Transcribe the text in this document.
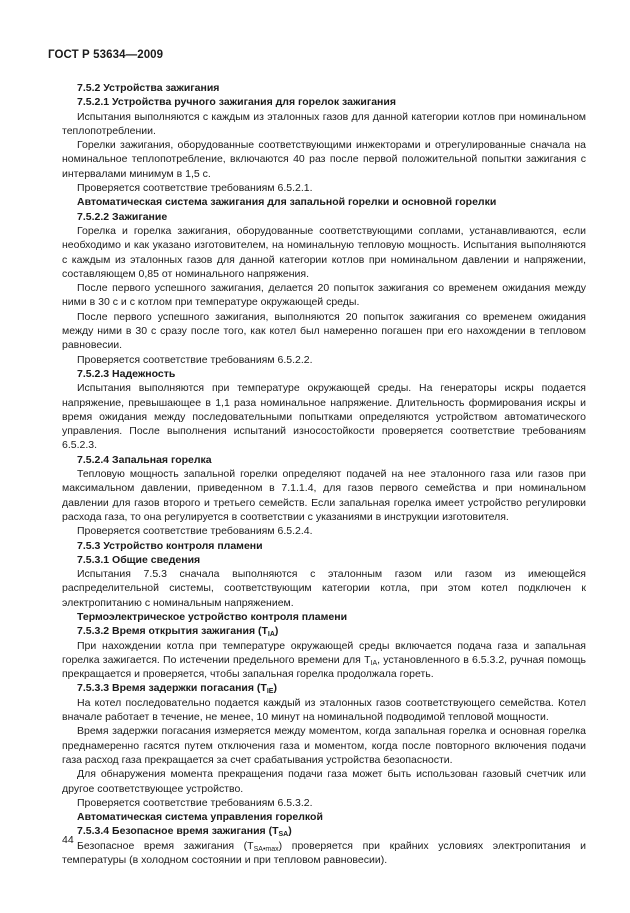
ГОСТ Р 53634—2009

7.5.2 Устройства зажигания

7.5.2.1 Устройства ручного зажигания для горелок зажигания

Испытания выполняются с каждым из эталонных газов для данной категории котлов при номинальном теплопотреблении.

Горелки зажигания, оборудованные соответствующими инжекторами и отрегулированные сначала на номинальное теплопотребление, включаются 40 раз после первой положительной попытки зажигания с интервалами минимум в 1,5 с.

Проверяется соответствие требованиям 6.5.2.1.

Автоматическая система зажигания для запальной горелки и основной горелки

7.5.2.2 Зажигание

Горелка и горелка зажигания, оборудованные соответствующими соплами, устанавливаются, если необходимо и как указано изготовителем, на номинальную тепловую мощность. Испытания выполняются с каждым из эталонных газов для данной категории котлов при номинальном давлении и напряжении, составляющем 0,85 от номинального напряжения.

После первого успешного зажигания, делается 20 попыток зажигания со временем ожидания между ними в 30 с и с котлом при температуре окружающей среды.

После первого успешного зажигания, выполняются 20 попыток зажигания со временем ожидания между ними в 30 с сразу после того, как котел был намеренно погашен при его нахождении в тепловом равновесии.

Проверяется соответствие требованиям 6.5.2.2.

7.5.2.3 Надежность

Испытания выполняются при температуре окружающей среды. На генераторы искры подается напряжение, превышающее в 1,1 раза номинальное напряжение. Длительность формирования искры и время ожидания между последовательными попытками определяются устройством автоматического управления. После выполнения испытаний износостойкости проверяется соответствие требованиям 6.5.2.3.

7.5.2.4 Запальная горелка

Тепловую мощность запальной горелки определяют подачей на нее эталонного газа или газов при максимальном давлении, приведенном в 7.1.1.4, для газов первого семейства и при номинальном давлении для газов второго и третьего семейств. Если запальная горелка имеет устройство регулировки расхода газа, то она регулируется в соответствии с указаниями в инструкции изготовителя.

Проверяется соответствие требованиям 6.5.2.4.

7.5.3 Устройство контроля пламени

7.5.3.1 Общие сведения

Испытания 7.5.3 сначала выполняются с эталонным газом или газом из имеющейся распределительной системы, соответствующим категории котла, при этом котел подключен к электропитанию с номинальным напряжением.

Термоэлектрическое устройство контроля пламени

7.5.3.2 Время открытия зажигания $(T_{IA})$

При нахождении котла при температуре окружающей среды включается подача газа и запальная горелка зажигается. По истечении предельного времени для $T_{IA}$, установленного в 6.5.3.2, ручная помощь прекращается и проверяется, чтобы запальная горелка продолжала гореть.

7.5.3.3 Время задержки погасания $(T_{IE})$

На котел последовательно подается каждый из эталонных газов соответствующего семейства. Котел вначале работает в течение, не менее, 10 минут на номинальной подводимой тепловой мощности.

Время задержки погасания измеряется между моментом, когда запальная горелка и основная горелка преднамеренно гасятся путем отключения газа и моментом, когда после повторного включения подачи газа расход газа прекращается за счет срабатывания устройства безопасности.

Для обнаружения момента прекращения подачи газа может быть использован газовый счетчик или другое соответствующее устройство.

Проверяется соответствие требованиям 6.5.3.2.

Автоматическая система управления горелкой

7.5.3.4 Безопасное время зажигания $(T_{SA})$

Безопасное время зажигания $(T_{SA•max})$ проверяется при крайних условиях электропитания и температуры (в холодном состоянии и при тепловом равновесии).

44
